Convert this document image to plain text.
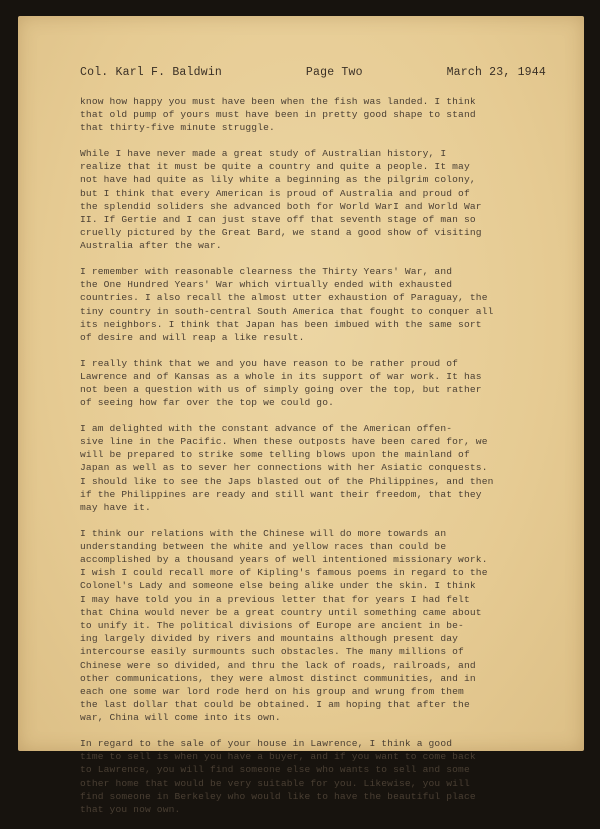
Col. Karl F. Baldwin	Page Two	March 23, 1944

know how happy you must have been when the fish was landed. I think
that old pump of yours must have been in pretty good shape to stand
that thirty-five minute struggle.

While I have never made a great study of Australian history, I
realize that it must be quite a country and quite a people. It may
not have had quite as lily white a beginning as the pilgrim colony,
but I think that every American is proud of Australia and proud of
the splendid soliders she advanced both for World WarI and World War
II. If Gertie and I can just stave off that seventh stage of man so
cruelly pictured by the Great Bard, we stand a good show of visiting
Australia after the war.

I remember with reasonable clearness the Thirty Years' War, and
the One Hundred Years' War which virtually ended with exhausted
countries. I also recall the almost utter exhaustion of Paraguay, the
tiny country in south-central South America that fought to conquer all
its neighbors. I think that Japan has been imbued with the same sort
of desire and will reap a like result.

I really think that we and you have reason to be rather proud of
Lawrence and of Kansas as a whole in its support of war work. It has
not been a question with us of simply going over the top, but rather
of seeing how far over the top we could go.

I am delighted with the constant advance of the American offen-
sive line in the Pacific. When these outposts have been cared for, we
will be prepared to strike some telling blows upon the mainland of
Japan as well as to sever her connections with her Asiatic conquests.
I should like to see the Japs blasted out of the Philippines, and then
if the Philippines are ready and still want their freedom, that they
may have it.

I think our relations with the Chinese will do more towards an
understanding between the white and yellow races than could be
accomplished by a thousand years of well intentioned missionary work.
I wish I could recall more of Kipling's famous poems in regard to the
Colonel's Lady and someone else being alike under the skin. I think
I may have told you in a previous letter that for years I had felt
that China would never be a great country until something came about
to unify it. The political divisions of Europe are ancient in be-
ing largely divided by rivers and mountains although present day
intercourse easily surmounts such obstacles. The many millions of
Chinese were so divided, and thru the lack of roads, railroads, and
other communications, they were almost distinct communities, and in
each one some war lord rode herd on his group and wrung from them
the last dollar that could be obtained. I am hoping that after the
war, China will come into its own.

In regard to the sale of your house in Lawrence, I think a good
time to sell is when you have a buyer, and if you want to come back
to Lawrence, you will find someone else who wants to sell and some
other home that would be very suitable for you. Likewise, you will
find someone in Berkeley who would like to have the beautiful place
that you now own.
